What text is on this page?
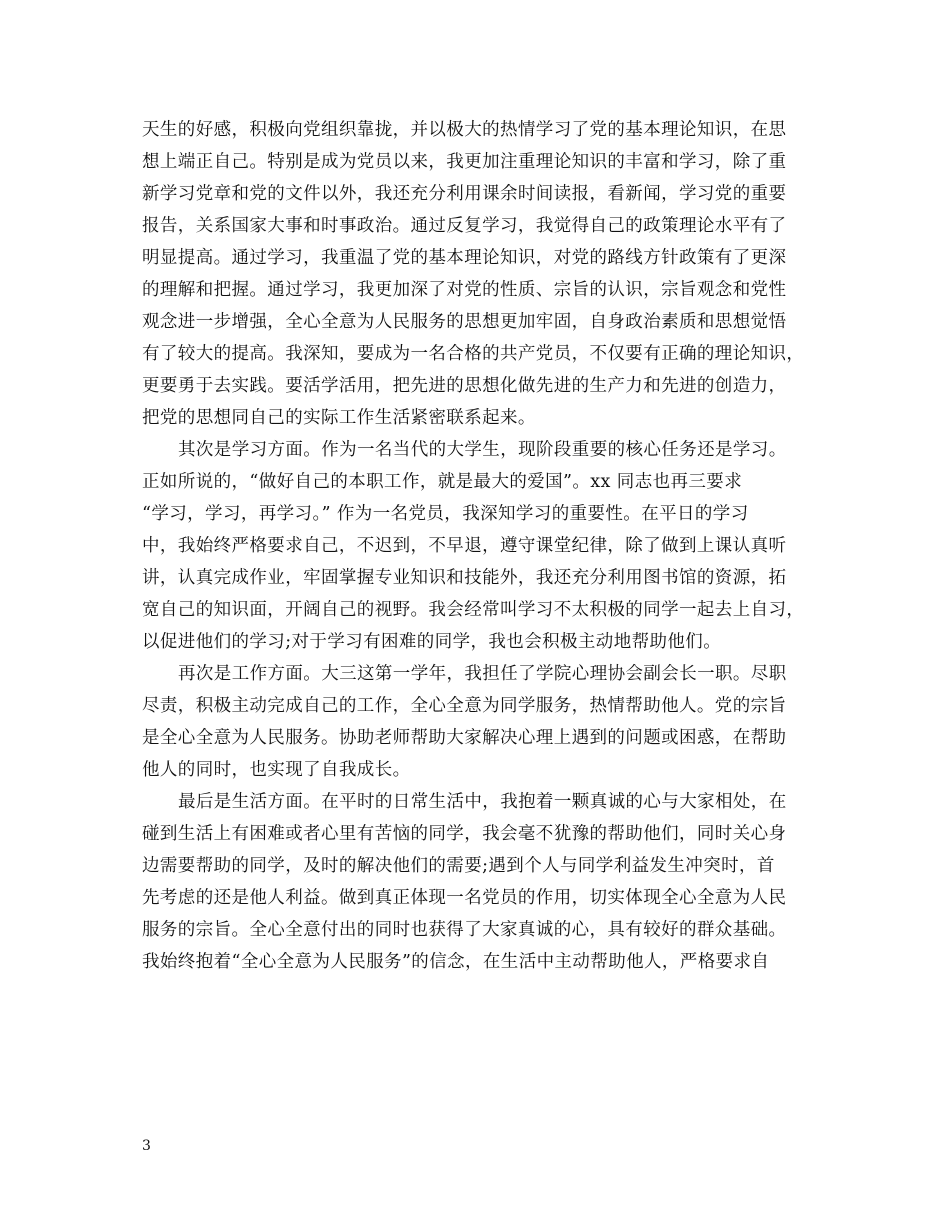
天生的好感，积极向党组织靠拢，并以极大的热情学习了党的基本理论知识，在思
想上端正自己。特别是成为党员以来，我更加注重理论知识的丰富和学习，除了重
新学习党章和党的文件以外，我还充分利用课余时间读报，看新闻，学习党的重要
报告，关系国家大事和时事政治。通过反复学习，我觉得自己的政策理论水平有了
明显提高。通过学习，我重温了党的基本理论知识，对党的路线方针政策有了更深
的理解和把握。通过学习，我更加深了对党的性质、宗旨的认识，宗旨观念和党性
观念进一步增强，全心全意为人民服务的思想更加牢固，自身政治素质和思想觉悟
有了较大的提高。我深知，要成为一名合格的共产党员，不仅要有正确的理论知识，
更要勇于去实践。要活学活用，把先进的思想化做先进的生产力和先进的创造力，
把党的思想同自己的实际工作生活紧密联系起来。
其次是学习方面。作为一名当代的大学生，现阶段重要的核心任务还是学习。
正如所说的，“做好自己的本职工作，就是最大的爱国”。xx 同志也再三要求
“学习，学习，再学习。” 作为一名党员，我深知学习的重要性。在平日的学习
中，我始终严格要求自己，不迟到，不早退，遵守课堂纪律，除了做到上课认真听
讲，认真完成作业，牢固掌握专业知识和技能外，我还充分利用图书馆的资源，拓
宽自己的知识面，开阔自己的视野。我会经常叫学习不太积极的同学一起去上自习，
以促进他们的学习;对于学习有困难的同学，我也会积极主动地帮助他们。
再次是工作方面。大三这第一学年，我担任了学院心理协会副会长一职。尽职
尽责，积极主动完成自己的工作，全心全意为同学服务，热情帮助他人。党的宗旨
是全心全意为人民服务。协助老师帮助大家解决心理上遇到的问题或困惑，在帮助
他人的同时，也实现了自我成长。
最后是生活方面。在平时的日常生活中，我抱着一颗真诚的心与大家相处，在
碰到生活上有困难或者心里有苦恼的同学，我会毫不犹豫的帮助他们，同时关心身
边需要帮助的同学，及时的解决他们的需要;遇到个人与同学利益发生冲突时，首
先考虑的还是他人利益。做到真正体现一名党员的作用，切实体现全心全意为人民
服务的宗旨。全心全意付出的同时也获得了大家真诚的心，具有较好的群众基础。
我始终抱着“全心全意为人民服务”的信念，在生活中主动帮助他人，严格要求自
3
